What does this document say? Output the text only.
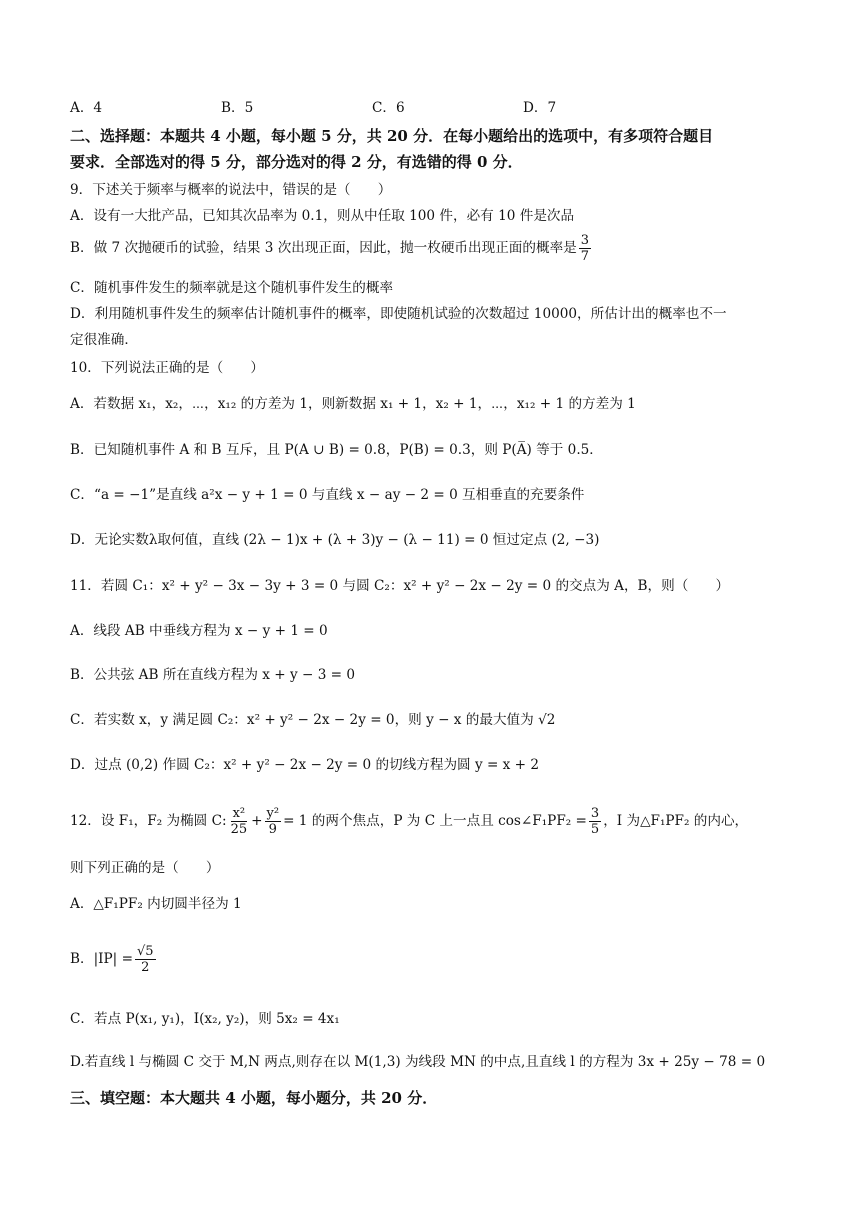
A．4	B．5	C．6	D．7
二、选择题：本题共 4 小题，每小题 5 分，共 20 分．在每小题给出的选项中，有多项符合题目
要求．全部选对的得 5 分，部分选对的得 2 分，有选错的得 0 分．
9．下述关于频率与概率的说法中，错误的是（　　）
A．设有一大批产品，已知其次品率为 0.1，则从中任取 100 件，必有 10 件是次品
B．做 7 次抛硬币的试验，结果 3 次出现正面，因此，抛一枚硬币出现正面的概率是 $\frac{3}{7}$
C．随机事件发生的频率就是这个随机事件发生的概率
D．利用随机事件发生的频率估计随机事件的概率，即使随机试验的次数超过 10000，所估计出的概率也不一
定很准确．
10．下列说法正确的是（　　）
A．若数据 x₁，x₂，⋯，x₁₂ 的方差为 1，则新数据 x₁ + 1，x₂ + 1，⋯，x₁₂ + 1 的方差为 1
B．已知随机事件 A 和 B 互斥，且 P(A ∪ B) = 0.8，P(B) = 0.3，则 P(A̅) 等于 0.5．
C．“a = −1”是直线 a²x − y + 1 = 0 与直线 x − ay − 2 = 0 互相垂直的充要条件
D．无论实数λ取何值，直线 (2λ − 1)x + (λ + 3)y − (λ − 11) = 0 恒过定点 (2, −3)
11．若圆 C₁：x² + y² − 3x − 3y + 3 = 0 与圆 C₂：x² + y² − 2x − 2y = 0 的交点为 A，B，则（　　）
A．线段 AB 中垂线方程为 x − y + 1 = 0
B．公共弦 AB 所在直线方程为 x + y − 3 = 0
C．若实数 x，y 满足圆 C₂：x² + y² − 2x − 2y = 0，则 y − x 的最大值为 √2
D．过点 (0,2) 作圆 C₂：x² + y² − 2x − 2y = 0 的切线方程为圆 y = x + 2
12．设 F₁，F₂ 为椭圆 C: $\frac{\text{x²}}{25} + \frac{\text{y²}}{9} = 1$ 的两个焦点，P 为 C 上一点且 cos∠F₁PF₂ = $\frac{3}{5}$ ，I 为△F₁PF₂ 的内心，
则下列正确的是（　　）
A．△F₁PF₂ 内切圆半径为 1
B．$|IP| = \frac{√5}{2}$
C．若点 P(x₁, y₁)，I(x₂, y₂)，则 5x₂ = 4x₁
D.若直线 l 与椭圆 C 交于 M,N 两点,则存在以 M(1,3) 为线段 MN 的中点,且直线 l 的方程为 3x + 25y − 78 = 0
三、填空题：本大题共 4 小题，每小题分，共 20 分．
